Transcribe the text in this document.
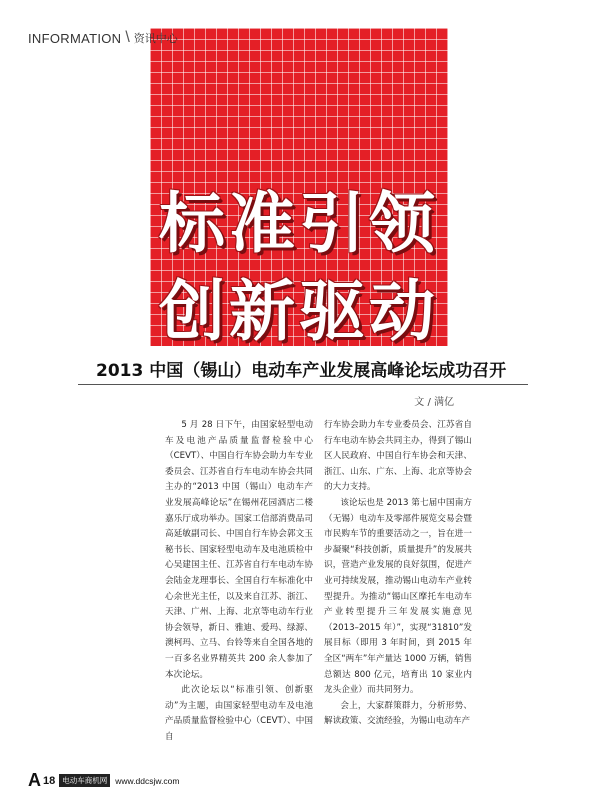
INFORMATION \ 资讯中心
标准引领
创新驱动
2013 中国（锡山）电动车产业发展高峰论坛成功召开
文 / 满亿

5 月 28 日下午，由国家轻型电动车及电池产品质量监督检验中心（CEVT）、中国自行车协会助力车专业委员会、江苏省自行车电动车协会共同主办的“2013 中国（锡山）电动车产业发展高峰论坛”在锡州花园酒店二楼嘉乐厅成功举办。国家工信部消费品司高延敏副司长、中国自行车协会郭文玉秘书长、国家轻型电动车及电池质检中心吴建国主任、江苏省自行车电动车协会陆金龙理事长、全国自行车标准化中心余世光主任，以及来自江苏、浙江、天津、广州、上海、北京等电动车行业协会领导，新日、雅迪、爱玛、绿源、澳柯玛、立马、台铃等来自全国各地的一百多名业界精英共 200 余人参加了本次论坛。

此次论坛以“标准引领、创新驱动”为主题，由国家轻型电动车及电池产品质量监督检验中心（CEVT）、中国自

行车协会助力车专业委员会、江苏省自行车电动车协会共同主办，得到了锡山区人民政府、中国自行车协会和天津、浙江、山东、广东、上海、北京等协会的大力支持。

该论坛也是 2013 第七届中国南方（无锡）电动车及零部件展览交易会暨市民购车节的重要活动之一，旨在进一步凝聚“科技创新，质量提升”的发展共识，营造产业发展的良好氛围，促进产业可持续发展，推动锡山电动车产业转型提升。为推动“锡山区摩托车电动车产业转型提升三年发展实施意见（2013–2015 年）”，实现“31810”发展目标（即用 3 年时间，到 2015 年全区“两车”年产量达 1000 万辆，销售总额达 800 亿元，培育出 10 家业内龙头企业）而共同努力。

会上，大家群策群力，分析形势、解读政策、交流经验，为锡山电动车产

A 18 电动车商机网 www.ddcsjw.com
